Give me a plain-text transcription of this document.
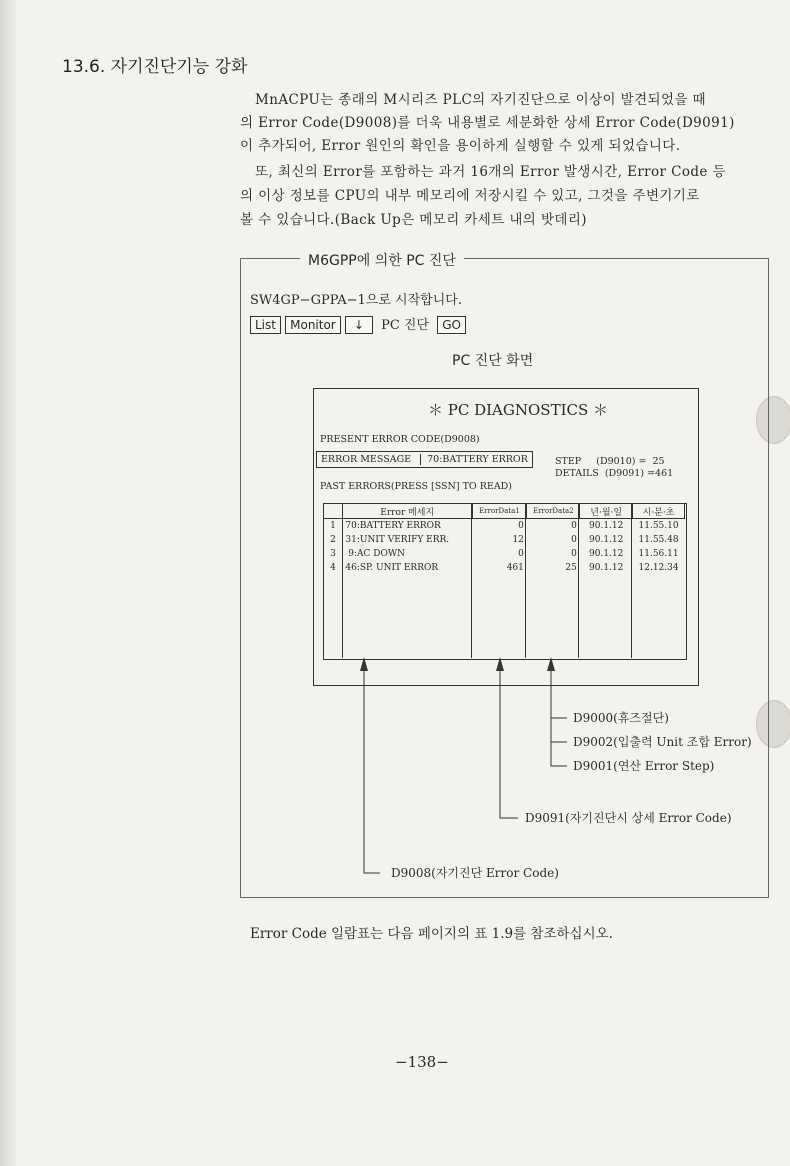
13.6. 자기진단기능 강화
MnACPU는 종래의 M시리즈 PLC의 자기진단으로 이상이 발견되었을 때
의 Error Code(D9008)를 더욱 내용별로 세분화한 상세 Error Code(D9091)
이 추가되어, Error 원인의 확인을 용이하게 실행할 수 있게 되었습니다.
또, 최신의 Error를 포함하는 과거 16개의 Error 발생시간, Error Code 등
의 이상 정보를 CPU의 내부 메모리에 저장시킬 수 있고, 그것을 주변기기로
볼 수 있습니다.(Back Up은 메모리 카세트 내의 밧데리)
M6GPP에 의한 PC 진단
SW4GP−GPPA−1으로 시작합니다.
List Monitor ↓ PC 진단 GO
PC 진단 화면
＊ PC DIAGNOSTICS ＊
PRESENT ERROR CODE(D9008)
ERROR MESSAGE 70:BATTERY ERROR	STEP     (D9010) =  25
DETAILS  (D9091) =461
PAST ERRORS(PRESS [SSN] TO READ)
	Error 메세지	ErrorData1	ErrorData2	년·월·일	시·분·초
1	70:BATTERY ERROR	0	0	90.1.12	11.55.10
2	31:UNIT VERIFY ERR.	12	0	90.1.12	11.55.48
3	9:AC DOWN	0	0	90.1.12	11.56.11
4	46:SP. UNIT ERROR	461	25	90.1.12	12.12.34
D9000(휴즈절단)
D9002(입출력 Unit 조합 Error)
D9001(연산 Error Step)
D9091(자기진단시 상세 Error Code)
D9008(자기진단 Error Code)
Error Code 일람표는 다음 페이지의 표 1.9를 참조하십시오.
−138−
